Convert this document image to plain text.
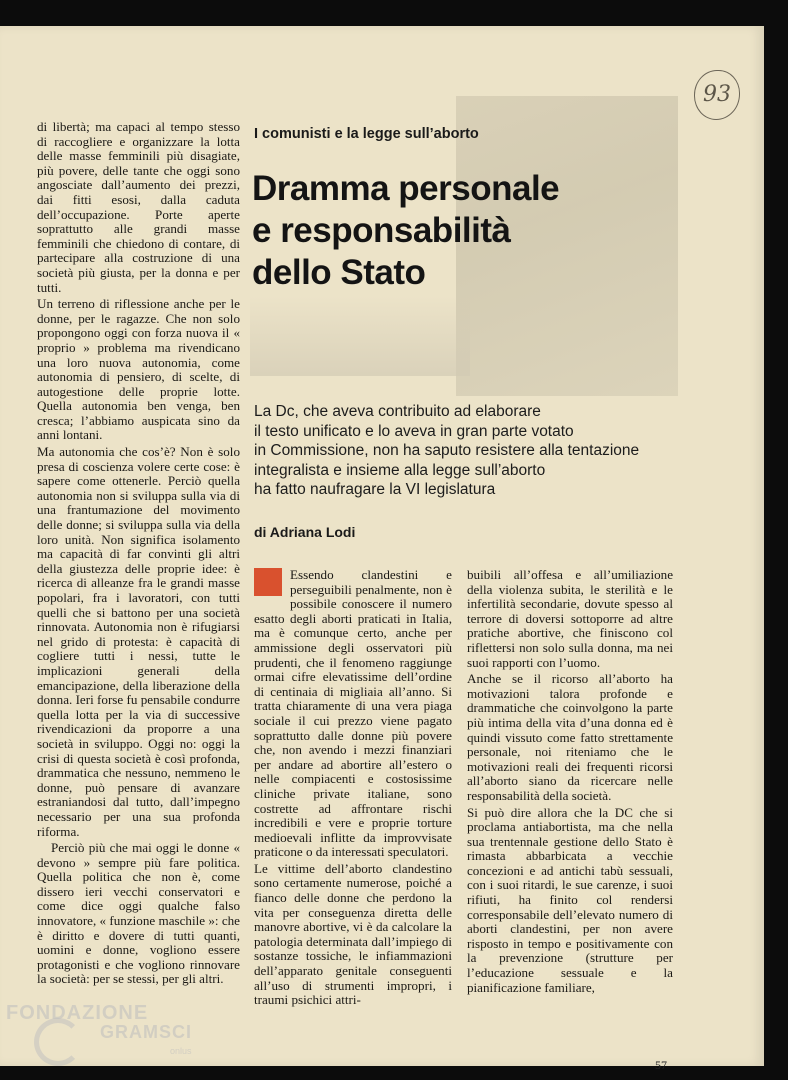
93

di libertà; ma capaci al tempo stesso di raccogliere e organizzare la lotta delle masse femminili più disagiate, più povere, delle tante che oggi sono angosciate dall’aumento dei prezzi, dai fitti esosi, dalla caduta dell’occupazione. Porte aperte soprattutto alle grandi masse femminili che chiedono di contare, di partecipare alla costruzione di una società più giusta, per la donna e per tutti.

Un terreno di riflessione anche per le donne, per le ragazze. Che non solo propongono oggi con forza nuova il « proprio » problema ma rivendicano una loro nuova autonomia, come autonomia di pensiero, di scelte, di autogestione delle proprie lotte. Quella autonomia ben venga, ben cresca; l’abbiamo auspicata sino da anni lontani.

Ma autonomia che cos’è? Non è solo presa di coscienza volere certe cose: è sapere come ottenerle. Perciò quella autonomia non si sviluppa sulla via di una frantumazione del movimento delle donne; si sviluppa sulla via della loro unità. Non significa isolamento ma capacità di far convinti gli altri della giustezza delle proprie idee: è ricerca di alleanze fra le grandi masse popolari, fra i lavoratori, con tutti quelli che si battono per una società rinnovata. Autonomia non è rifugiarsi nel grido di protesta: è capacità di cogliere tutti i nessi, tutte le implicazioni generali della emancipazione, della liberazione della donna. Ieri forse fu pensabile condurre quella lotta per la via di successive rivendicazioni da proporre a una società in sviluppo. Oggi no: oggi la crisi di questa società è così profonda, drammatica che nessuno, nemmeno le donne, può pensare di avanzare estraniandosi dal tutto, dall’impegno necessario per una sua profonda riforma.

Perciò più che mai oggi le donne « devono » sempre più fare politica. Quella politica che non è, come dissero ieri vecchi conservatori e come dice oggi qualche falso innovatore, « funzione maschile »: che è diritto e dovere di tutti quanti, uomini e donne, vogliono essere protagonisti e che vogliono rinnovare la società: per se stessi, per gli altri.

I comunisti e la legge sull’aborto
Dramma personale
e responsabilità
dello Stato
La Dc, che aveva contribuito ad elaborare
il testo unificato e lo aveva in gran parte votato
in Commissione, non ha saputo resistere alla tentazione
integralista e insieme alla legge sull’aborto
ha fatto naufragare la VI legislatura
di Adriana Lodi

Essendo clandestini e perseguibili penalmente, non è possibile conoscere il numero esatto degli aborti praticati in Italia, ma è comunque certo, anche per ammissione degli osservatori più prudenti, che il fenomeno raggiunge ormai cifre elevatissime dell’ordine di centinaia di migliaia all’anno. Si tratta chiaramente di una vera piaga sociale il cui prezzo viene pagato soprattutto dalle donne più povere che, non avendo i mezzi finanziari per andare ad abortire all’estero o nelle compiacenti e costosissime cliniche private italiane, sono costrette ad affrontare rischi incredibili e vere e proprie torture medioevali inflitte da improvvisate praticone o da interessati speculatori.

Le vittime dell’aborto clandestino sono certamente numerose, poiché a fianco delle donne che perdono la vita per conseguenza diretta delle manovre abortive, vi è da calcolare la patologia determinata dall’impiego di sostanze tossiche, le infiammazioni dell’apparato genitale conseguenti all’uso di strumenti impropri, i traumi psichici attri-

buibili all’offesa e all’umiliazione della violenza subita, le sterilità e le infertilità secondarie, dovute spesso al terrore di doversi sottoporre ad altre pratiche abortive, che finiscono col riflettersi non solo sulla donna, ma nei suoi rapporti con l’uomo.

Anche se il ricorso all’aborto ha motivazioni talora profonde e drammatiche che coinvolgono la parte più intima della vita d’una donna ed è quindi vissuto come fatto strettamente personale, noi riteniamo che le motivazioni reali dei frequenti ricorsi all’aborto siano da ricercare nelle responsabilità della società.

Si può dire allora che la DC che si proclama antiabortista, ma che nella sua trentennale gestione dello Stato è rimasta abbarbicata a vecchie concezioni e ad antichi tabù sessuali, con i suoi ritardi, le sue carenze, i suoi rifiuti, ha finito col rendersi corresponsabile dell’elevato numero di aborti clandestini, per non avere risposto in tempo e positivamente con la prevenzione (strutture per l’educazione sessuale e la pianificazione familiare,

57
FONDAZIONE
GRAMSCI
onlus
